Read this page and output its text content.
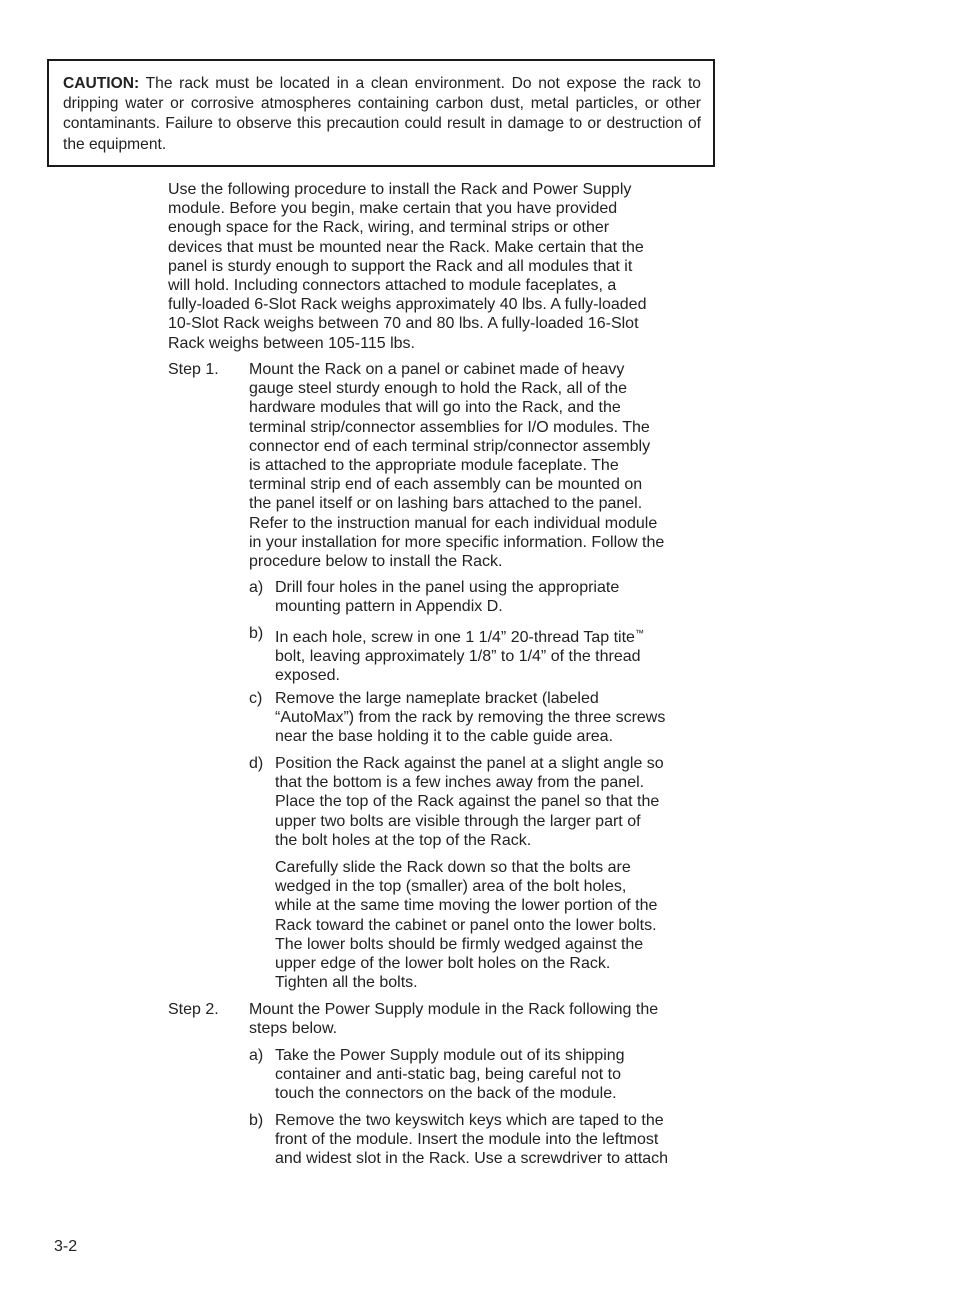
CAUTION: The rack must be located in a clean environment. Do not expose the rack to dripping water or corrosive atmospheres containing carbon dust, metal particles, or other contaminants. Failure to observe this precaution could result in damage to or destruction of the equipment.
Use the following procedure to install the Rack and Power Supply
module. Before you begin, make certain that you have provided
enough space for the Rack, wiring, and terminal strips or other
devices that must be mounted near the Rack. Make certain that the
panel is sturdy enough to support the Rack and all modules that it
will hold. Including connectors attached to module faceplates, a
fully-loaded 6-Slot Rack weighs approximately 40 lbs. A fully-loaded
10-Slot Rack weighs between 70 and 80 lbs. A fully-loaded 16-Slot
Rack weighs between 105-115 lbs.
Step 1. Mount the Rack on a panel or cabinet made of heavy
gauge steel sturdy enough to hold the Rack, all of the
hardware modules that will go into the Rack, and the
terminal strip/connector assemblies for I/O modules. The
connector end of each terminal strip/connector assembly
is attached to the appropriate module faceplate. The
terminal strip end of each assembly can be mounted on
the panel itself or on lashing bars attached to the panel.
Refer to the instruction manual for each individual module
in your installation for more specific information. Follow the
procedure below to install the Rack.
a) Drill four holes in the panel using the appropriate
mounting pattern in Appendix D.
b) In each hole, screw in one 1 1/4” 20-thread Tap tite™
bolt, leaving approximately 1/8” to 1/4” of the thread
exposed.
c) Remove the large nameplate bracket (labeled
“AutoMax”) from the rack by removing the three screws
near the base holding it to the cable guide area.
d) Position the Rack against the panel at a slight angle so
that the bottom is a few inches away from the panel.
Place the top of the Rack against the panel so that the
upper two bolts are visible through the larger part of
the bolt holes at the top of the Rack.
Carefully slide the Rack down so that the bolts are
wedged in the top (smaller) area of the bolt holes,
while at the same time moving the lower portion of the
Rack toward the cabinet or panel onto the lower bolts.
The lower bolts should be firmly wedged against the
upper edge of the lower bolt holes on the Rack.
Tighten all the bolts.
Step 2. Mount the Power Supply module in the Rack following the
steps below.
a) Take the Power Supply module out of its shipping
container and anti-static bag, being careful not to
touch the connectors on the back of the module.
b) Remove the two keyswitch keys which are taped to the
front of the module. Insert the module into the leftmost
and widest slot in the Rack. Use a screwdriver to attach
3-2
